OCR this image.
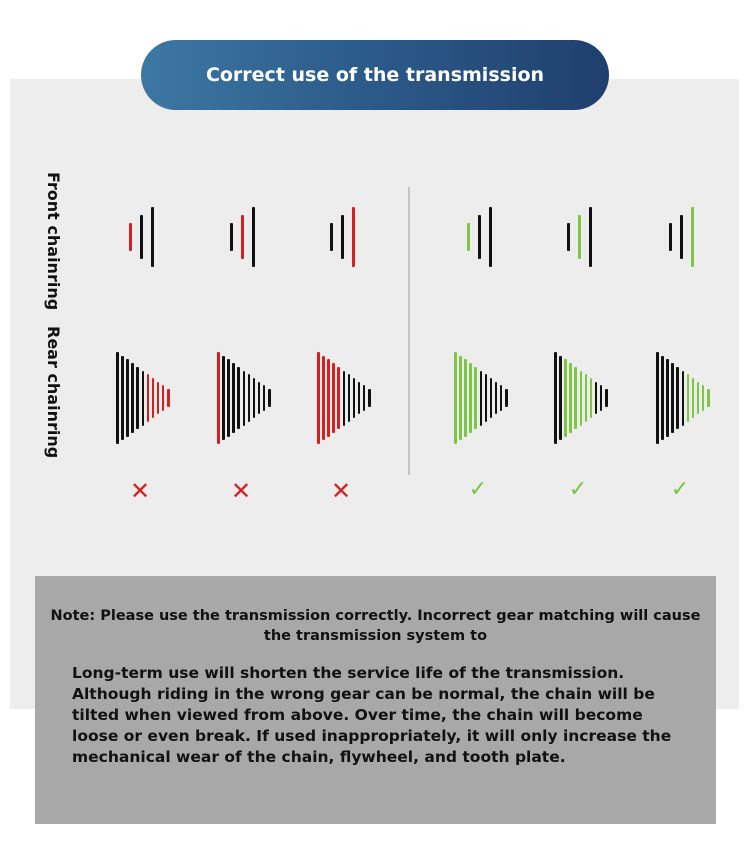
Correct use of the transmission
Front chainring
Rear chainring
✕	✕	✕	✓	✓	✓
Note: Please use the transmission correctly. Incorrect gear matching will cause
the transmission system to
Long-term use will shorten the service life of the transmission.
Although riding in the wrong gear can be normal, the chain will be
tilted when viewed from above. Over time, the chain will become
loose or even break. If used inappropriately, it will only increase the
mechanical wear of the chain, flywheel, and tooth plate.
